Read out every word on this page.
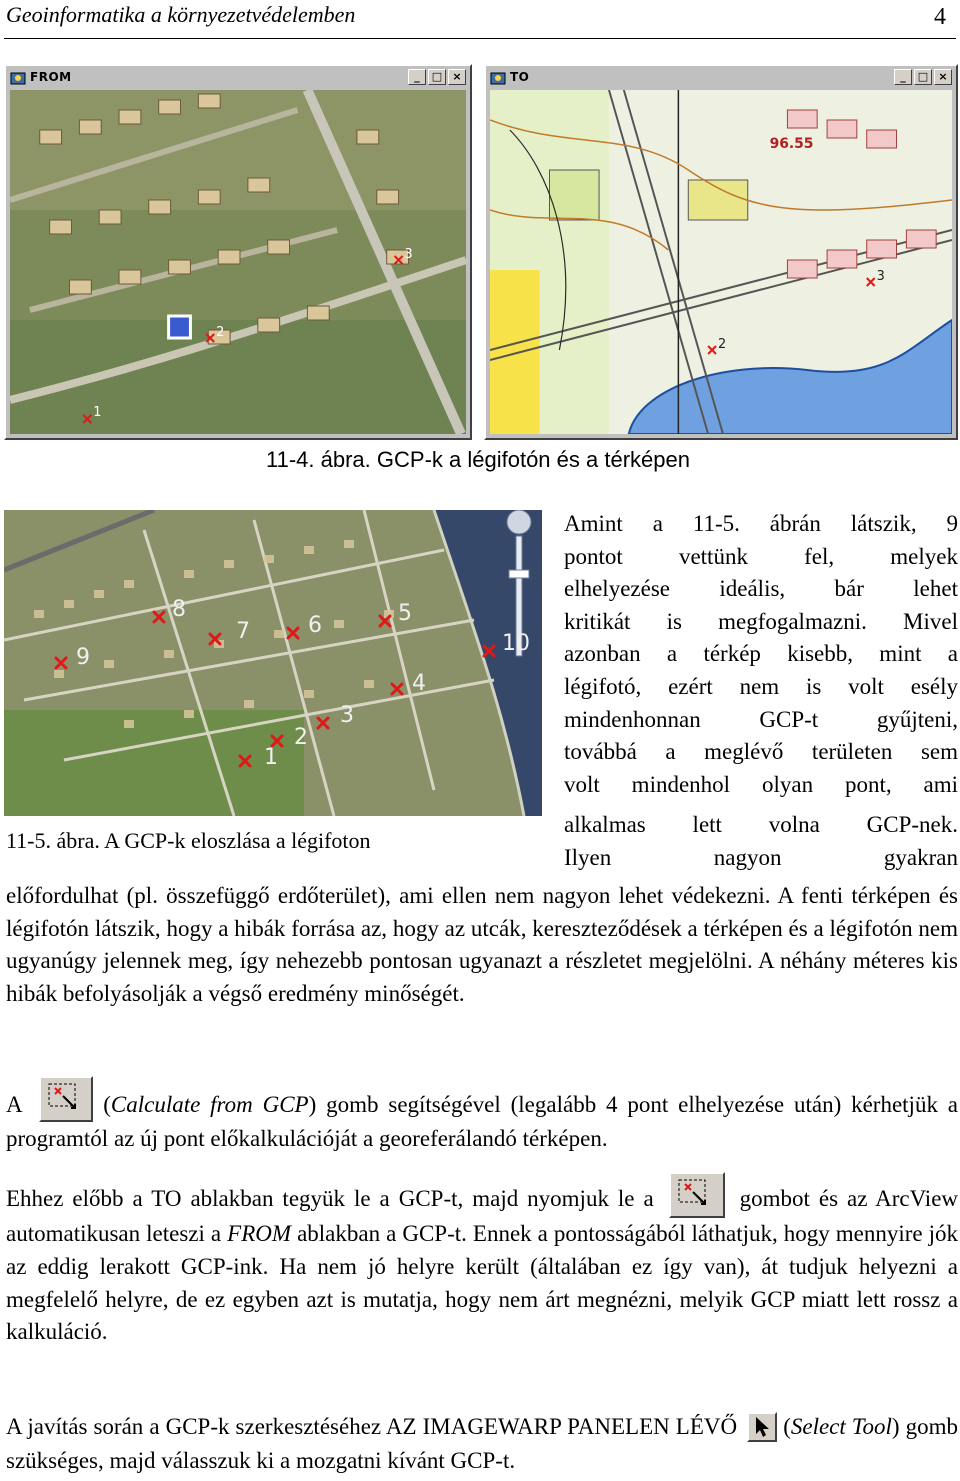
Geoinformatika a környezetvédelemben	4
FROM	_	□ ×
1
2
3
TO	_	□ ×
96.55
2
3
11-4. ábra. GCP-k a légifotón és a térképen
1
2
3
4
5
6
7
8
9
10

Amint a 11-5. ábrán látszik, 9

pontot vettünk fel, melyek

elhelyezése ideális, bár lehet

kritikát is megfogalmazni. Mivel

azonban a térkép kisebb, mint a

légifotó, ezért nem is volt esély

mindenhonnan GCP-t gyűjteni,

továbbá a meglévő területen sem

volt mindenhol olyan pont, ami

alkalmas lett volna GCP-nek.

Ilyen nagyon gyakran

11-5. ábra. A GCP-k eloszlása a légifoton

előfordulhat (pl. összefüggő erdőterület), ami ellen nem nagyon lehet védekezni. A fenti térképen és légifotón látszik, hogy a hibák forrása az, hogy az utcák, kereszteződések a térképen és a légifotón nem ugyanúgy jelennek meg, így nehezebb pontosan ugyanazt a részletet megjelölni. A néhány méteres kis hibák befolyásolják a végső eredmény minőségét.

A	(Calculate from GCP) gomb segítségével (legalább 4 pont elhelyezése után) kérhetjük a programtól az új pont előkalkulációját a georeferálandó térképen.

Ehhez előbb a TO ablakban tegyük le a GCP-t, majd nyomjuk le a	gombot és az ArcView automatikusan leteszi a FROM ablakban a GCP-t. Ennek a pontosságából láthatjuk, hogy mennyire jók az eddig lerakott GCP-ink. Ha nem jó helyre került (általában ez így van), át tudjuk helyezni a megfelelő helyre, de ez egyben azt is mutatja, hogy nem árt megnézni, melyik GCP miatt lett rossz a kalkuláció.

A javítás során a GCP-k szerkesztéséhez AZ IMAGEWARP PANELEN LÉVŐ  (Select Tool) gomb szükséges, majd válasszuk ki a mozgatni kívánt GCP-t.
